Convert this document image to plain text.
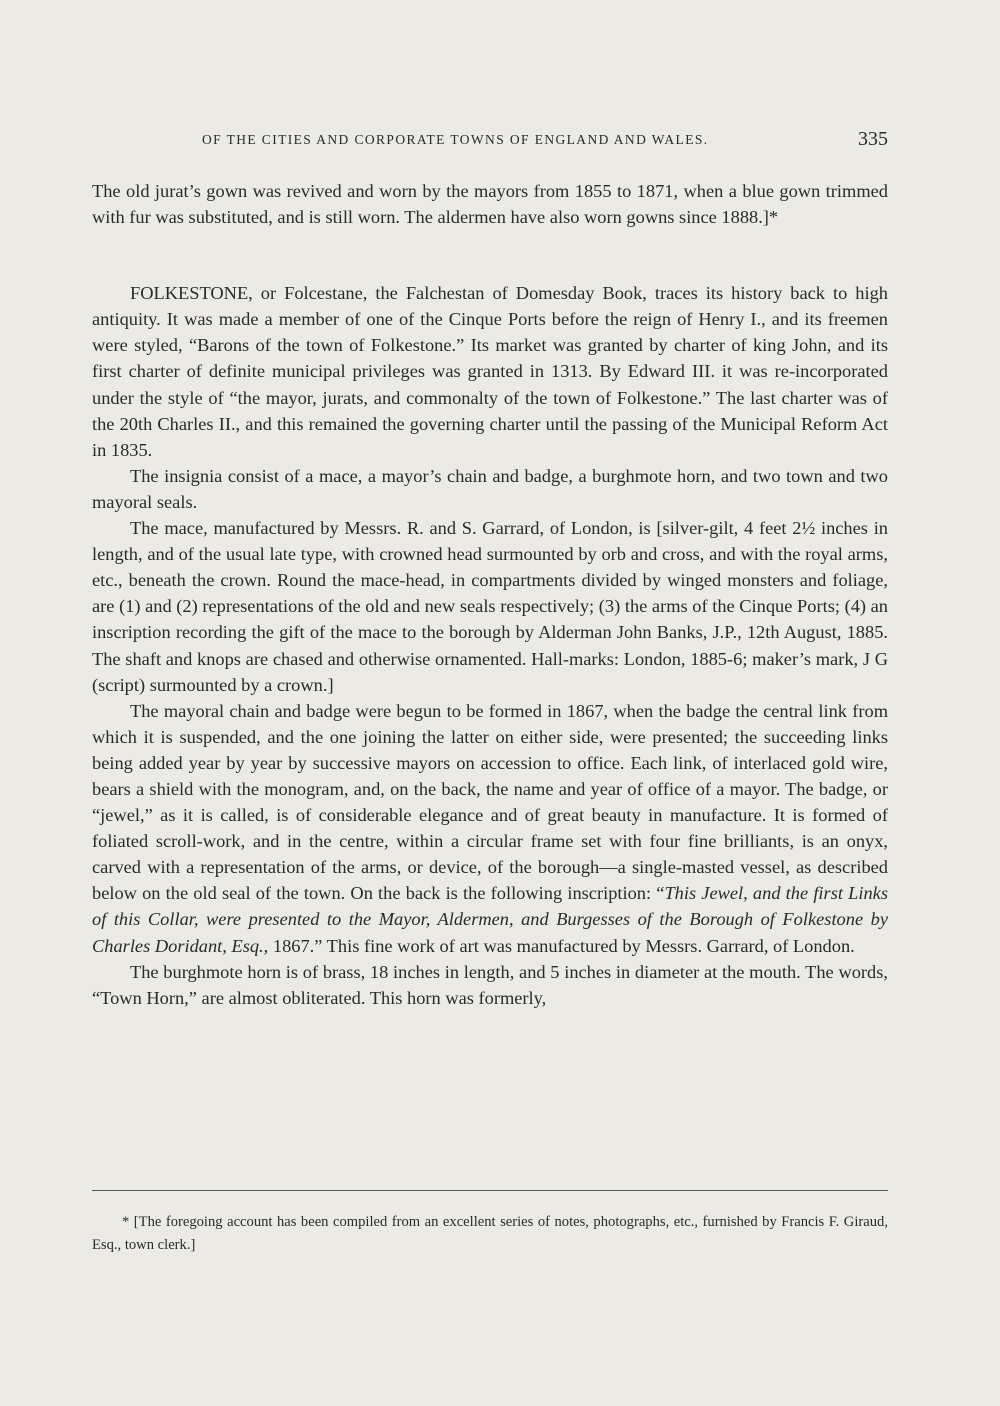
OF THE CITIES AND CORPORATE TOWNS OF ENGLAND AND WALES.	335

The old jurat’s gown was revived and worn by the mayors from 1855 to 1871, when a blue gown trimmed with fur was substituted, and is still worn. The aldermen have also worn gowns since 1888.]*

FOLKESTONE, or Folcestane, the Falchestan of Domesday Book, traces its history back to high antiquity. It was made a member of one of the Cinque Ports before the reign of Henry I., and its freemen were styled, “Barons of the town of Folkestone.” Its market was granted by charter of king John, and its first charter of definite municipal privileges was granted in 1313. By Edward III. it was re-incorporated under the style of “the mayor, jurats, and commonalty of the town of Folkestone.” The last charter was of the 20th Charles II., and this remained the governing charter until the passing of the Municipal Reform Act in 1835.

The insignia consist of a mace, a mayor’s chain and badge, a burghmote horn, and two town and two mayoral seals.

The mace, manufactured by Messrs. R. and S. Garrard, of London, is [silver-gilt, 4 feet 2½ inches in length, and of the usual late type, with crowned head surmounted by orb and cross, and with the royal arms, etc., beneath the crown. Round the mace-head, in compartments divided by winged monsters and foliage, are (1) and (2) representations of the old and new seals respectively; (3) the arms of the Cinque Ports; (4) an inscription recording the gift of the mace to the borough by Alderman John Banks, J.P., 12th August, 1885. The shaft and knops are chased and otherwise ornamented. Hall-marks: London, 1885-6; maker’s mark, J G (script) surmounted by a crown.]

The mayoral chain and badge were begun to be formed in 1867, when the badge the central link from which it is suspended, and the one joining the latter on either side, were presented; the succeeding links being added year by year by successive mayors on accession to office. Each link, of interlaced gold wire, bears a shield with the monogram, and, on the back, the name and year of office of a mayor. The badge, or “jewel,” as it is called, is of considerable elegance and of great beauty in manufacture. It is formed of foliated scroll-work, and in the centre, within a circular frame set with four fine brilliants, is an onyx, carved with a representation of the arms, or device, of the borough—a single-masted vessel, as described below on the old seal of the town. On the back is the following inscription: “This Jewel, and the first Links of this Collar, were presented to the Mayor, Aldermen, and Burgesses of the Borough of Folkestone by Charles Doridant, Esq., 1867.” This fine work of art was manufactured by Messrs. Garrard, of London.

The burghmote horn is of brass, 18 inches in length, and 5 inches in diameter at the mouth. The words, “Town Horn,” are almost obliterated. This horn was formerly,

* [The foregoing account has been compiled from an excellent series of notes, photographs, etc., furnished by Francis F. Giraud, Esq., town clerk.]
